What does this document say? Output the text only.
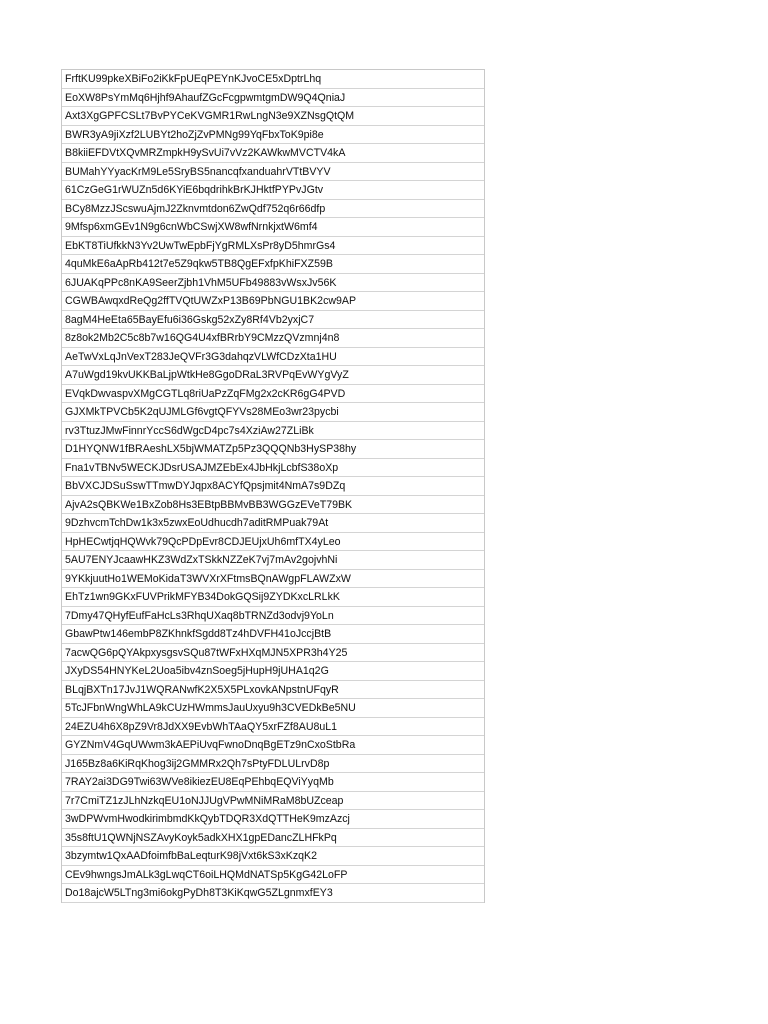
FrftKU99pkeXBiFo2iKkFpUEqPEYnKJvoCE5xDptrLhq
EoXW8PsYmMq6Hjhf9AhaufZGcFcgpwmtgmDW9Q4QniaJ
Axt3XgGPFCSLt7BvPYCeKVGMR1RwLngN3e9XZNsgQtQM
BWR3yA9jiXzf2LUBYt2hoZjZvPMNg99YqFbxToK9pi8e
B8kiiEFDVtXQvMRZmpkH9ySvUi7vVz2KAWkwMVCTV4kA
BUMahYYyacKrM9Le5SryBS5nancqfxanduahrVTtBVYV
61CzGeG1rWUZn5d6KYiE6bqdrihkBrKJHktfPYPvJGtv
BCy8MzzJScswuAjmJ2Zknvmtdon6ZwQdf752q6r66dfp
9Mfsp6xmGEv1N9g6cnWbCSwjXW8wfNrnkjxtW6mf4
EbKT8TiUfkkN3Yv2UwTwEpbFjYgRMLXsPr8yD5hmrGs4
4quMkE6aApRb412t7e5Z9qkw5TB8QgEFxfpKhiFXZ59B
6JUAKqPPc8nKA9SeerZjbh1VhM5UFb49883vWsxJv56K
CGWBAwqxdReQg2ffTVQtUWZxP13B69PbNGU1BK2cw9AP
8agM4HeEta65BayEfu6i36Gskg52xZy8Rf4Vb2yxjC7
8z8ok2Mb2C5c8b7w16QG4U4xfBRrbY9CMzzQVzmnj4n8
AeTwVxLqJnVexT283JeQVFr3G3dahqzVLWfCDzXta1HU
A7uWgd19kvUKKBaLjpWtkHe8GgoDRaL3RVPqEvWYgVyZ
EVqkDwvaspvXMgCGTLq8riUaPzZqFMg2x2cKR6gG4PVD
GJXMkTPVCb5K2qUJMLGf6vgtQFYVs28MEo3wr23pycbi
rv3TtuzJMwFinnrYccS6dWgcD4pc7s4XziAw27ZLiBk
D1HYQNW1fBRAeshLX5bjWMATZp5Pz3QQQNb3HySP38hy
Fna1vTBNv5WECKJDsrUSAJMZEbEx4JbHkjLcbfS38oXp
BbVXCJDSuSswTTmwDYJqpx8ACYfQpsjmit4NmA7s9DZq
AjvA2sQBKWe1BxZob8Hs3EBtpBBMvBB3WGGzEVeT79BK
9DzhvcmTchDw1k3x5zwxEoUdhucdh7aditRMPuak79At
HpHECwtjqHQWvk79QcPDpEvr8CDJEUjxUh6mfTX4yLeo
5AU7ENYJcaawHKZ3WdZxTSkkNZZeK7vj7mAv2gojvhNi
9YKkjuutHo1WEMoKidaT3WVXrXFtmsBQnAWgpFLAWZxW
EhTz1wn9GKxFUVPrikMFYB34DokGQSij9ZYDKxcLRLkK
7Dmy47QHyfEufFaHcLs3RhqUXaq8bTRNZd3odvj9YoLn
GbawPtw146embP8ZKhnkfSgdd8Tz4hDVFH41oJccjBtB
7acwQG6pQYAkpxysgsvSQu87tWFxHXqMJN5XPR3h4Y25
JXyDS54HNYKeL2Uoa5ibv4znSoeg5jHupH9jUHA1q2G
BLqjBXTn17JvJ1WQRANwfK2X5X5PLxovkANpstnUFqyR
5TcJFbnWngWhLA9kCUzHWmmsJauUxyu9h3CVEDkBe5NU
24EZU4h6X8pZ9Vr8JdXX9EvbWhTAaQY5xrFZf8AU8uL1
GYZNmV4GqUWwm3kAEPiUvqFwnoDnqBgETz9nCxoStbRa
J165Bz8a6KiRqKhog3ij2GMMRx2Qh7sPtyFDLULrvD8p
7RAY2ai3DG9Twi63WVe8ikiezEU8EqPEhbqEQViYyqMb
7r7CmiTZ1zJLhNzkqEU1oNJJUgVPwMNiMRaM8bUZceap
3wDPWvmHwodkirimbmdKkQybTDQR3XdQTTHeK9mzAzcj
35s8ftU1QWNjNSZAvyKoyk5adkXHX1gpEDancZLHFkPq
3bzymtw1QxAADfoimfbBaLeqturK98jVxt6kS3xKzqK2
CEv9hwngsJmALk3gLwqCT6oiLHQMdNATSp5KgG42LoFP
Do18ajcW5LTng3mi6okgPyDh8T3KiKqwG5ZLgnmxfEY3
